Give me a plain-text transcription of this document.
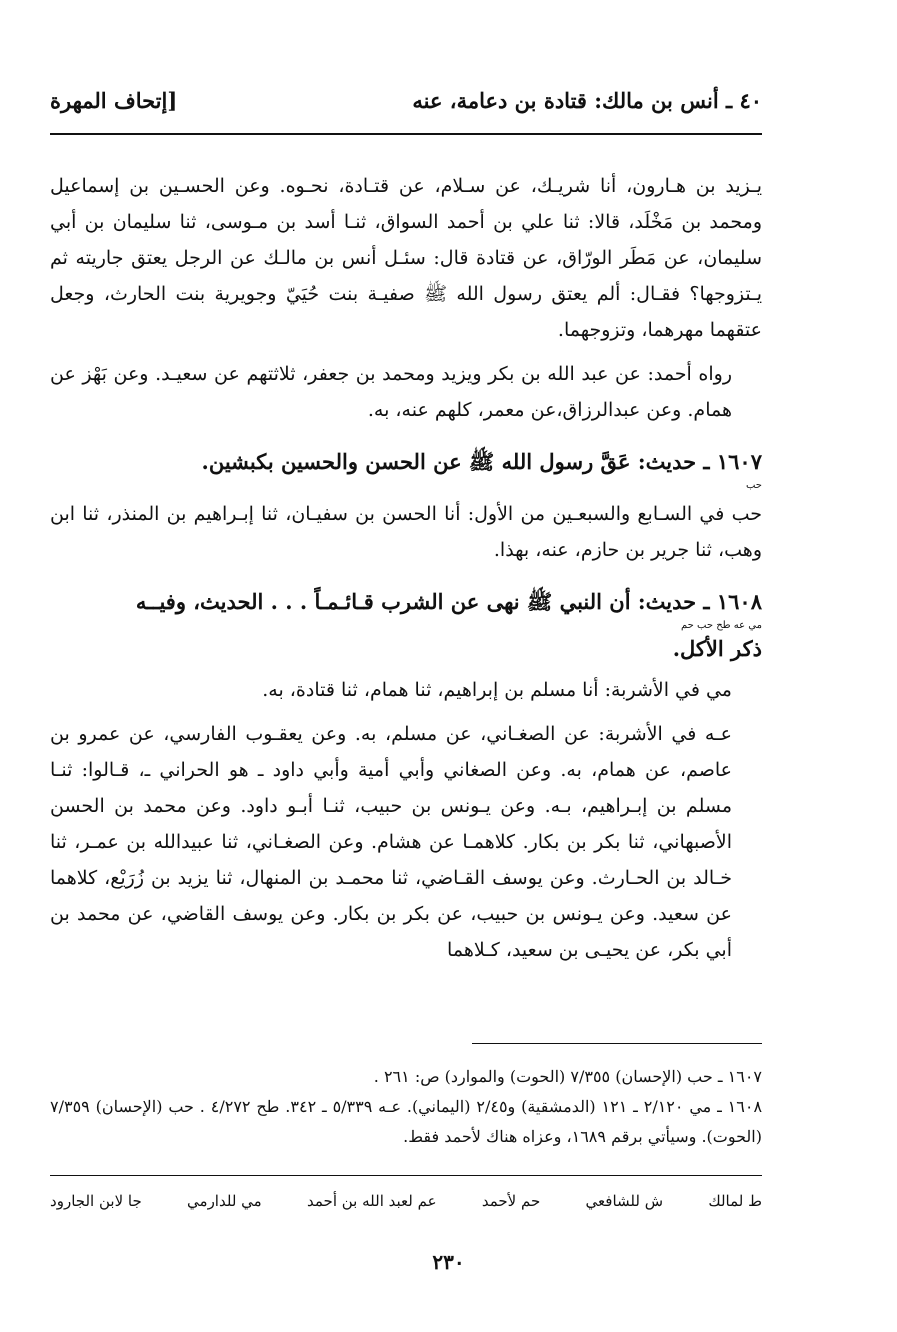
٤٠ ـ أنس بن مالك: قتادة بن دعامة، عنه
[إتحاف المهرة

يـزيد بن هـارون، أنا شريـك، عن سـلام، عن قتـادة، نحـوه. وعن الحسـين بن إسماعيل ومحمد بن مَخْلَد، قالا: ثنا علي بن أحمد السواق، ثنـا أسد بن مـوسى، ثنا سليمان بن أبي سليمان، عن مَطَر الورّاق، عن قتادة قال: سئـل أنس بن مالـك عن الرجل يعتق جاريته ثم يـتزوجها؟ فقـال: ألم يعتق رسول الله ﷺ صفيـة بنت حُيَيّ وجويرية بنت الحارث، وجعل عتقهما مهرهما، وتزوجهما.

رواه أحمد: عن عبد الله بن بكر ويزيد ومحمد بن جعفر، ثلاثتهم عن سعيـد. وعن بَهْز عن همام. وعن عبدالرزاق،عن معمر، كلهم عنه، به.

١٦٠٧ ـ حديث: عَقَّ رسول الله ﷺ عن الحسن والحسين بكبشين.
حب

حب في السـابع والسبعـين من الأول: أنا الحسن بن سفيـان، ثنا إبـراهيم بن المنذر، ثنا ابن وهب، ثنا جرير بن حازم، عنه، بهذا.

١٦٠٨ ـ حديث: أن النبي ﷺ نهى عن الشرب قـائـمـاً . . . الحديث، وفيــه
مي عه طح حب حم
ذكر الأكل.

مي في الأشربة: أنا مسلم بن إبراهيم، ثنا همام، ثنا قتادة، به.

عـه في الأشربة: عن الصغـاني، عن مسلم، به. وعن يعقـوب الفارسي، عن عمرو بن عاصم، عن همام، به. وعن الصغاني وأبي أمية وأبي داود ـ هو الحراني ـ، قـالوا: ثنـا مسلم بن إبـراهيم، بـه. وعن يـونس بن حبيب، ثنـا أبـو داود. وعن محمد بن الحسن الأصبهاني، ثنا بكر بن بكار. كلاهمـا عن هشام. وعن الصغـاني، ثنا عبيدالله بن عمـر، ثنا خـالد بن الحـارث. وعن يوسف القـاضي، ثنا محمـد بن المنهال، ثنا يزيد بن زُرَيْع، كلاهما عن سعيد. وعن يـونس بن حبيب، عن بكر بن بكار. وعن يوسف القاضي، عن محمد بن أبي بكر، عن يحيـى بن سعيد، كـلاهما

١٦٠٧ ـ حب (الإحسان) ٧/٣٥٥ (الحوت) والموارد) ص: ٢٦١ .

١٦٠٨ ـ مي ٢/١٢٠ ـ ١٢١ (الدمشقية) و٢/٤٥ (اليماني). عـه ٥/٣٣٩ ـ ٣٤٢. طح ٤/٢٧٢ . حب (الإحسان) ٧/٣٥٩ (الحوت). وسيأتي برقم ١٦٨٩، وعزاه هناك لأحمد فقط.

ط لمالك
ش للشافعي
حم لأحمد
عم لعبد الله بن أحمد
مي للدارمي
جا لابن الجارود
٢٣٠
